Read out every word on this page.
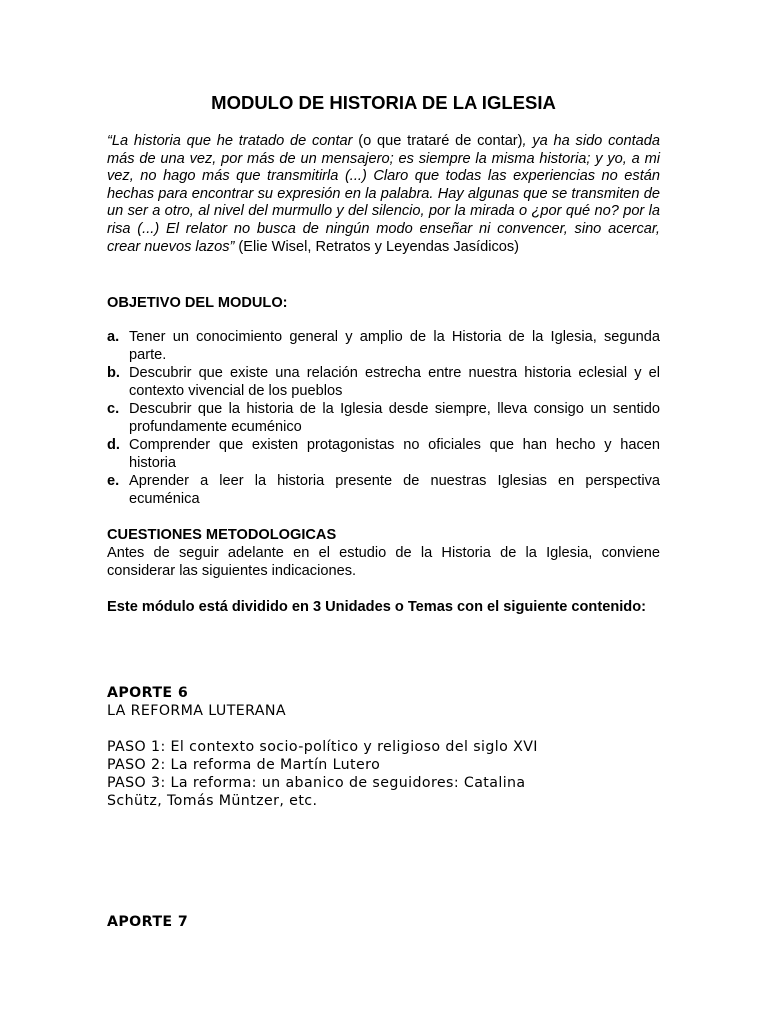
MODULO DE HISTORIA DE LA IGLESIA

“La historia que he tratado de contar (o que trataré de contar), ya ha sido contada más de una vez, por más de un mensajero; es siempre la misma historia; y yo, a mi vez, no hago más que transmitirla (...) Claro que todas las experiencias no están hechas para encontrar su expresión en la palabra. Hay algunas que se transmiten de un ser a otro, al nivel del murmullo y del silencio, por la mirada o ¿por qué no? por la risa (...) El relator no busca de ningún modo enseñar ni convencer, sino acercar, crear nuevos lazos” (Elie Wisel, Retratos y Leyendas Jasídicos)

OBJETIVO DEL MODULO:

a. Tener un conocimiento general y amplio de la Historia de la Iglesia, segunda parte.
b. Descubrir que existe una relación estrecha entre nuestra historia eclesial y el contexto vivencial de los pueblos
c. Descubrir que la historia de la Iglesia desde siempre, lleva consigo un sentido profundamente ecuménico
d. Comprender que existen protagonistas no oficiales que han hecho y hacen historia
e. Aprender a leer la historia presente de nuestras Iglesias en perspectiva ecuménica

CUESTIONES METODOLOGICAS

Antes de seguir adelante en el estudio de la Historia de la Iglesia, conviene considerar las siguientes indicaciones.

Este módulo está dividido en 3 Unidades o Temas con el siguiente contenido:

APORTE 6

LA REFORMA LUTERANA

PASO 1: El contexto socio-político y religioso del siglo XVI

PASO 2: La reforma de Martín Lutero

PASO 3: La reforma: un abanico de seguidores: Catalina Schütz, Tomás Müntzer, etc.

APORTE 7
